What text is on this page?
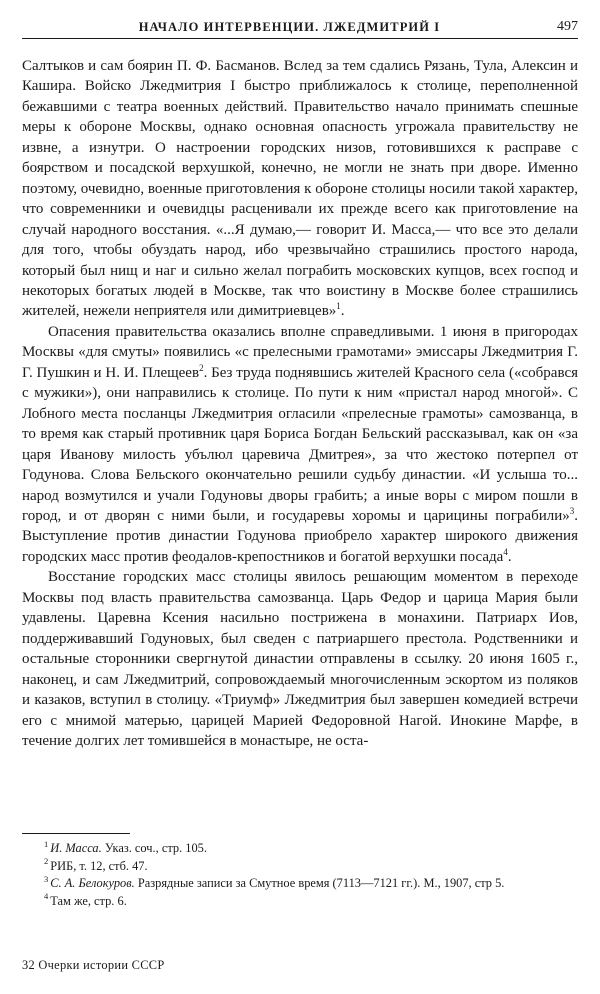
НАЧАЛО ИНТЕРВЕНЦИИ. ЛЖЕДМИТРИЙ I	497

Салтыков и сам боярин П. Ф. Басманов. Вслед за тем сдались Рязань, Тула, Алексин и Кашира. Войско Лжедмитрия I быстро приближалось к столице, переполненной бежавшими с театра военных действий. Правительство начало принимать спешные меры к обороне Москвы, однако основная опасность угрожала правительству не извне, а изнутри. О настроении городских низов, готовившихся к расправе с боярством и посадской верхушкой, конечно, не могли не знать при дворе. Именно поэтому, очевидно, военные приготовления к обороне столицы носили такой характер, что современники и очевидцы расценивали их прежде всего как приготовление на случай народного восстания. «...Я думаю,— говорит И. Масса,— что все это делали для того, чтобы обуздать народ, ибо чрезвычайно страшились простого народа, который был нищ и наг и сильно желал пограбить московских купцов, всех господ и некоторых богатых людей в Москве, так что воистину в Москве более страшились жителей, нежели неприятеля или димитриевцев»$^1$.

Опасения правительства оказались вполне справедливыми. 1 июня в пригородах Москвы «для смуты» появились «с прелесными грамотами» эмиссары Лжедмитрия Г. Г. Пушкин и Н. И. Плещеев$^2$. Без труда поднявшись жителей Красного села («собрався с мужики»), они направились к столице. По пути к ним «пристал народ многой». С Лобного места посланцы Лжедмитрия огласили «прелесные грамоты» самозванца, в то время как старый противник царя Бориса Богдан Бельский рассказывал, как он «за царя Иванову милость убълюл царевича Дмитрея», за что жестоко потерпел от Годунова. Слова Бельского окончательно решили судьбу династии. «И услыша то... народ возмутился и учали Годуновы дворы грабить; а иные воры с миром пошли в город, и от дворян с ними были, и государевы хоромы и царицины пограбили»$^3$. Выступление против династии Годунова приобрело характер широкого движения городских масс против феодалов-крепостников и богатой верхушки посада$^4$.

Восстание городских масс столицы явилось решающим моментом в переходе Москвы под власть правительства самозванца. Царь Федор и царица Мария были удавлены. Царевна Ксения насильно пострижена в монахини. Патриарх Иов, поддерживавший Годуновых, был сведен с патриаршего престола. Родственники и остальные сторонники свергнутой династии отправлены в ссылку. 20 июня 1605 г., наконец, и сам Лжедмитрий, сопровождаемый многочисленным эскортом из поляков и казаков, вступил в столицу. «Триумф» Лжедмитрия был завершен комедией встречи его с мнимой матерью, царицей Марией Федоровной Нагой. Инокине Марфе, в течение долгих лет томившейся в монастыре, не оста-

$^1$ И. Масса. Указ. соч., стр. 105.

$^2$ РИБ, т. 12, стб. 47.

$^3$ С. А. Белокуров. Разрядные записи за Смутное время (7113—7121 гг.). М., 1907, стр 5.

$^4$ Там же, стр. 6.

32 Очерки истории СССР
